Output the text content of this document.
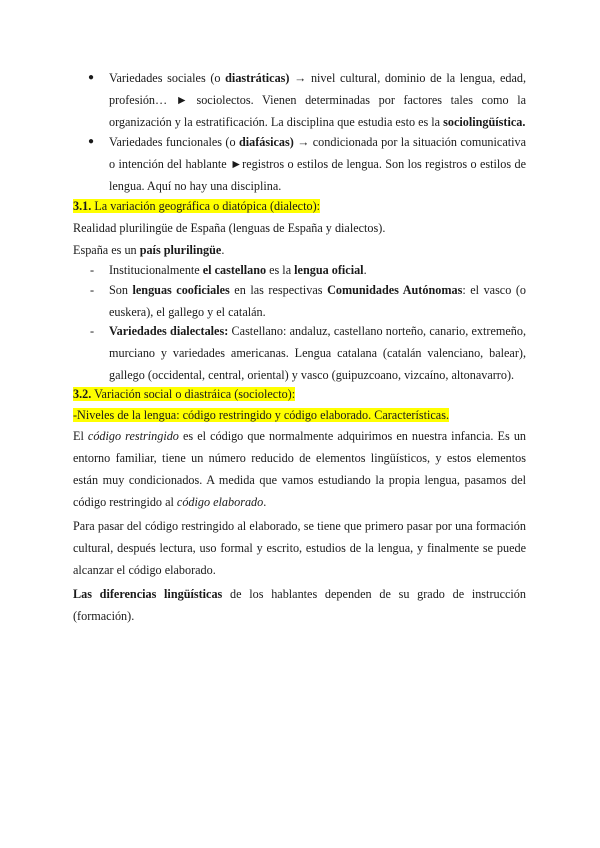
● Variedades sociales (o diastráticas) → nivel cultural, dominio de la lengua, edad, profesión… ► sociolectos. Vienen determinadas por factores tales como la organización y la estratificación. La disciplina que estudia esto es la sociolingüística.
● Variedades funcionales (o diafásicas) → condicionada por la situación comunicativa o intención del hablante ►registros o estilos de lengua. Son los registros o estilos de lengua. Aquí no hay una disciplina.
3.1. La variación geográfica o diatópica (dialecto):
Realidad plurilingüe de España (lenguas de España y dialectos).
España es un país plurilingüe.
- Institucionalmente el castellano es la lengua oficial.
- Son lenguas cooficiales en las respectivas Comunidades Autónomas: el vasco (o euskera), el gallego y el catalán.
- Variedades dialectales: Castellano: andaluz, castellano norteño, canario, extremeño, murciano y variedades americanas. Lengua catalana (catalán valenciano, balear), gallego (occidental, central, oriental) y vasco (guipuzcoano, vizcaíno, altonavarro).
3.2. Variación social o diastráica (sociolecto):
-Niveles de la lengua: código restringido y código elaborado. Características.
El código restringido es el código que normalmente adquirimos en nuestra infancia. Es un entorno familiar, tiene un número reducido de elementos lingüísticos, y estos elementos están muy condicionados. A medida que vamos estudiando la propia lengua, pasamos del código restringido al código elaborado.
Para pasar del código restringido al elaborado, se tiene que primero pasar por una formación cultural, después lectura, uso formal y escrito, estudios de la lengua, y finalmente se puede alcanzar el código elaborado.
Las diferencias lingüísticas de los hablantes dependen de su grado de instrucción (formación).
